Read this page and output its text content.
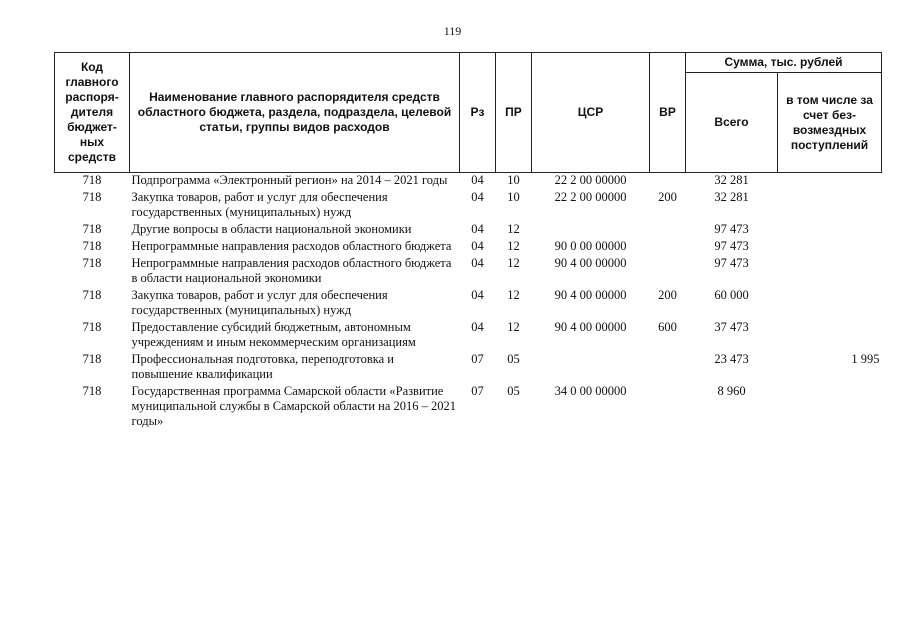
119
Код главного распоря-дителя бюджет-ных средств	Наименование главного распорядителя средств областного бюджета, раздела, подраздела, целевой статьи, группы видов расходов	Рз	ПР	ЦСР	ВР	Сумма, тыс. рублей	
						Всего	в том числе за счет без-возмездных поступлений
718	Подпрограмма «Электронный регион» на 2014 – 2021 годы	04	10	22 2 00 00000		32 281	
718	Закупка товаров, работ и услуг для обеспечения государственных (муниципальных) нужд	04	10	22 2 00 00000	200	32 281	
718	Другие вопросы в области национальной экономики	04	12			97 473	
718	Непрограммные направления расходов областного бюджета	04	12	90 0 00 00000		97 473	
718	Непрограммные направления расходов областного бюджета в области национальной экономики	04	12	90 4 00 00000		97 473	
718	Закупка товаров, работ и услуг для обеспечения государственных (муниципальных) нужд	04	12	90 4 00 00000	200	60 000	
718	Предоставление субсидий бюджетным, автономным учреждениям и иным некоммерческим организациям	04	12	90 4 00 00000	600	37 473	
718	Профессиональная подготовка, переподготовка и повышение квалификации	07	05			23 473	1 995
718	Государственная программа Самарской области «Развитие муниципальной службы в Самарской области на 2016 – 2021 годы»	07	05	34 0 00 00000		8 960	
